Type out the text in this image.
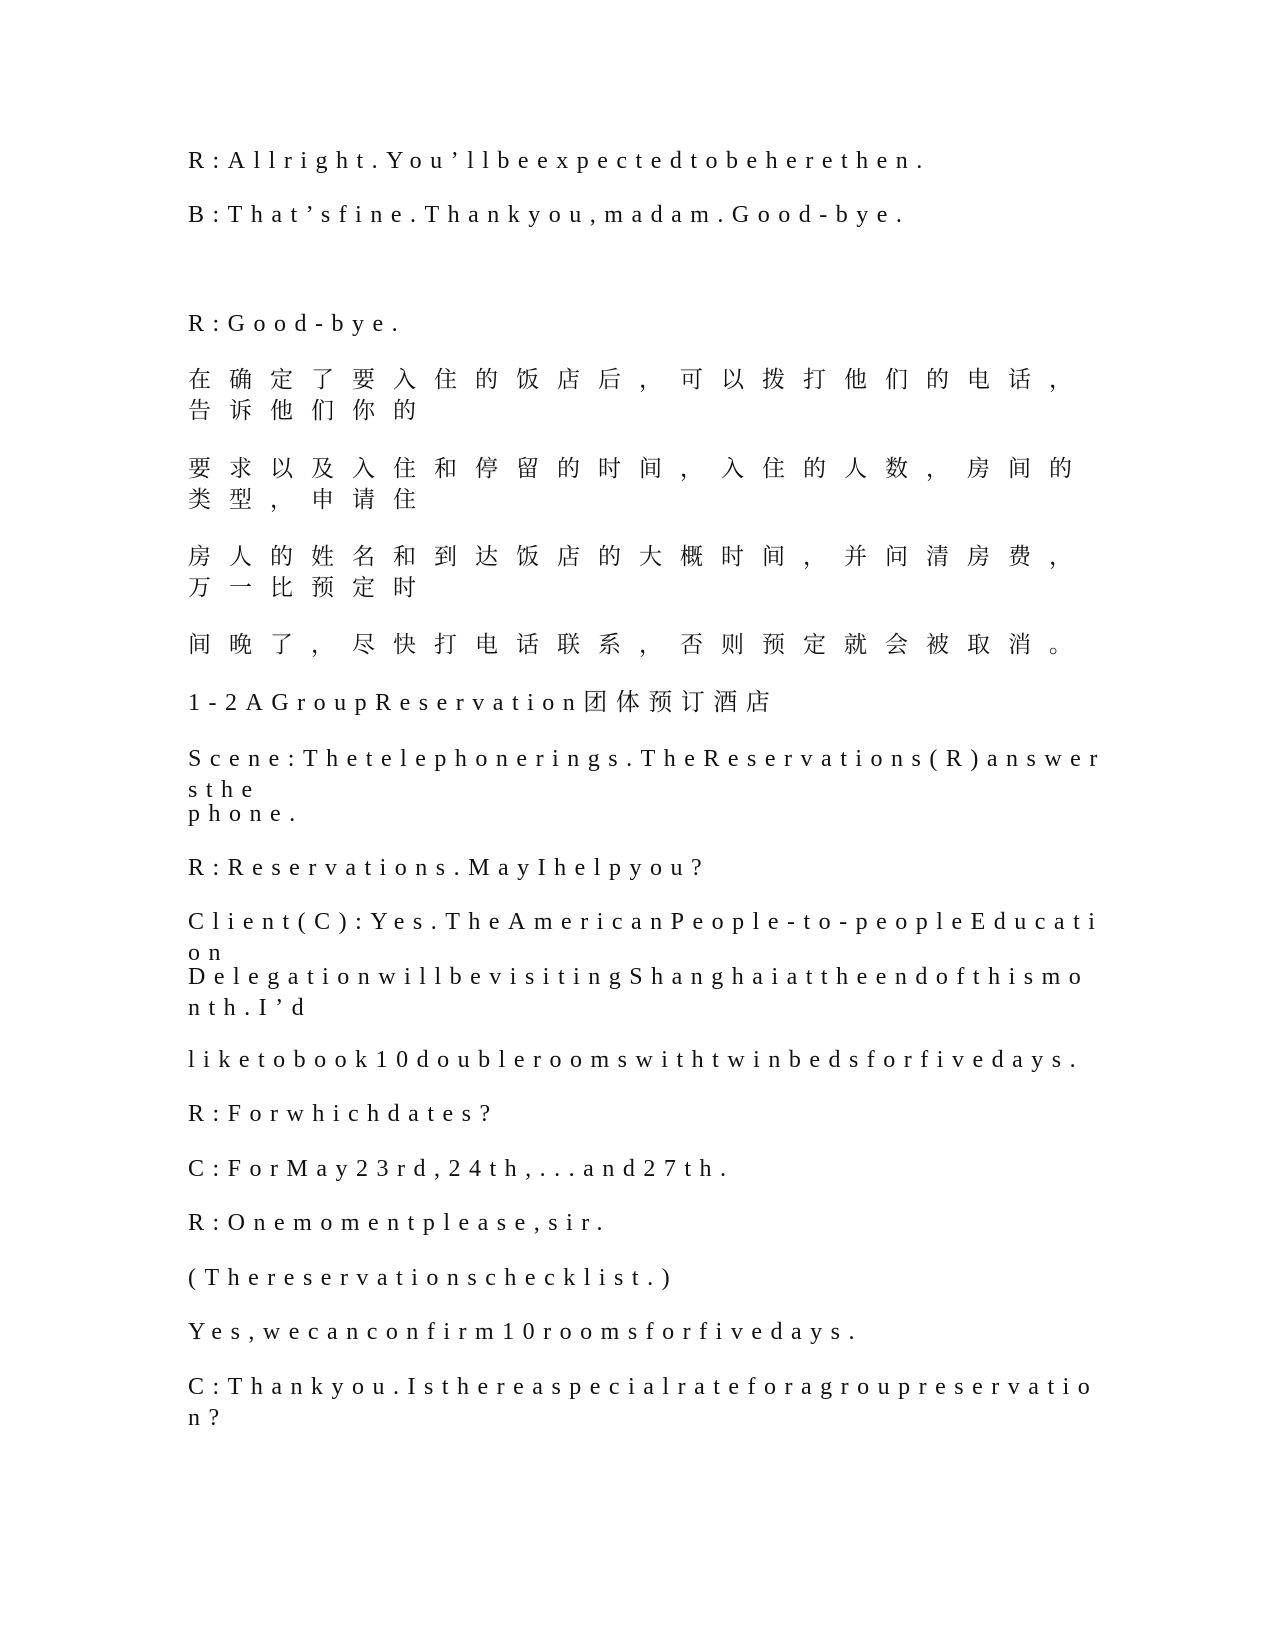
R:Allright.You’llbeexpectedtobeherethen.
B:That’sfine.Thankyou,madam.Good-bye.
R:Good-bye.
在确定了要入住的饭店后，可以拨打他们的电话，告诉他们你的
要求以及入住和停留的时间，入住的人数，房间的类型，申请住
房人的姓名和到达饭店的大概时间，并问清房费，万一比预定时
间晚了，尽快打电话联系，否则预定就会被取消。
1-2AGroupReservation团体预订酒店
Scene:Thetelephonerings.TheReservations(R)answersthe
phone.
R:Reservations.MayIhelpyou?
Client(C):Yes.TheAmericanPeople-to-peopleEducation
DelegationwillbevisitingShanghaiattheendofthismonth.I’d
liketobook10doubleroomswithtwinbedsforfivedays.
R:Forwhichdates?
C:ForMay23rd,24th,...and27th.
R:Onemomentplease,sir.
(Thereservationschecklist.)
Yes,wecanconfirm10roomsforfivedays.
C:Thankyou.Isthereaspecialrateforagroupreservation?
